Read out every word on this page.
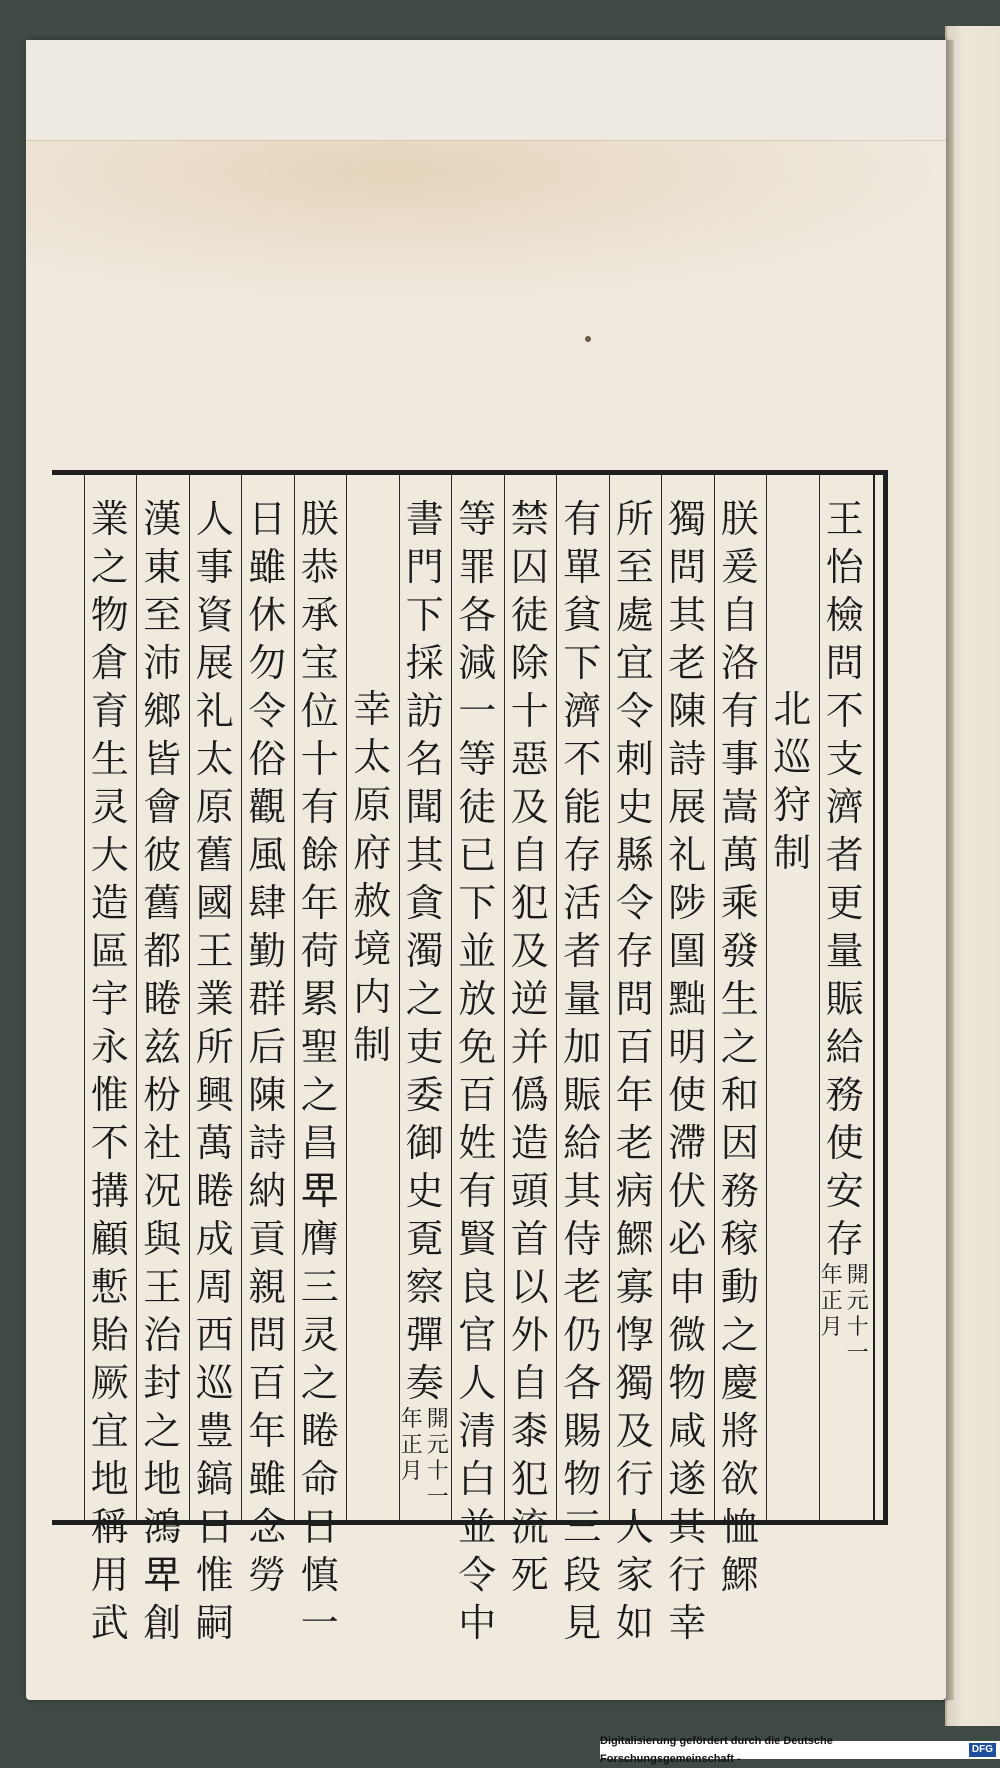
王怡檢問不支濟者更量賑給務使安存
開元十一
年正月
北巡狩制
朕爰自洛有事嵩萬乘發生之和因務稼動之慶將欲恤鰥
獨問其老陳詩展礼陟𡈁黜明使滯伏必申微物咸遂其行幸
所至處宜令刺史縣令存問百年老病鰥寡惸獨及行人家如
有單貧下濟不能存活者量加賑給其侍老仍各賜物三段見
禁囚徒除十惡及自犯及逆并僞造頭首以外自桼犯流死
等罪各減一等徒已下並放免百姓有賢良官人清白並令中
書門下採訪名聞其貪濁之吏委御史覔察彈奏
開元十一
年正月
幸太原府赦境内制
朕恭承宝位十有餘年荷累聖之昌𤰞膺三灵之睠命日慎一
日雖休勿令俗觀風肆勤群后陳詩納貢親問百年雖念勞
人事資展礼太原舊國王業所興萬睠成周西巡豊鎬日惟嗣
漢東至沛鄉皆會彼舊都睠兹枌社况與王治封之地鴻𤰞創
業之物倉育生灵大造區宇永惟不搆顧慙貽厥宜地稱用武
Digitalisierung gefördert durch die Deutsche Forschungsgemeinschaft -
DFG
